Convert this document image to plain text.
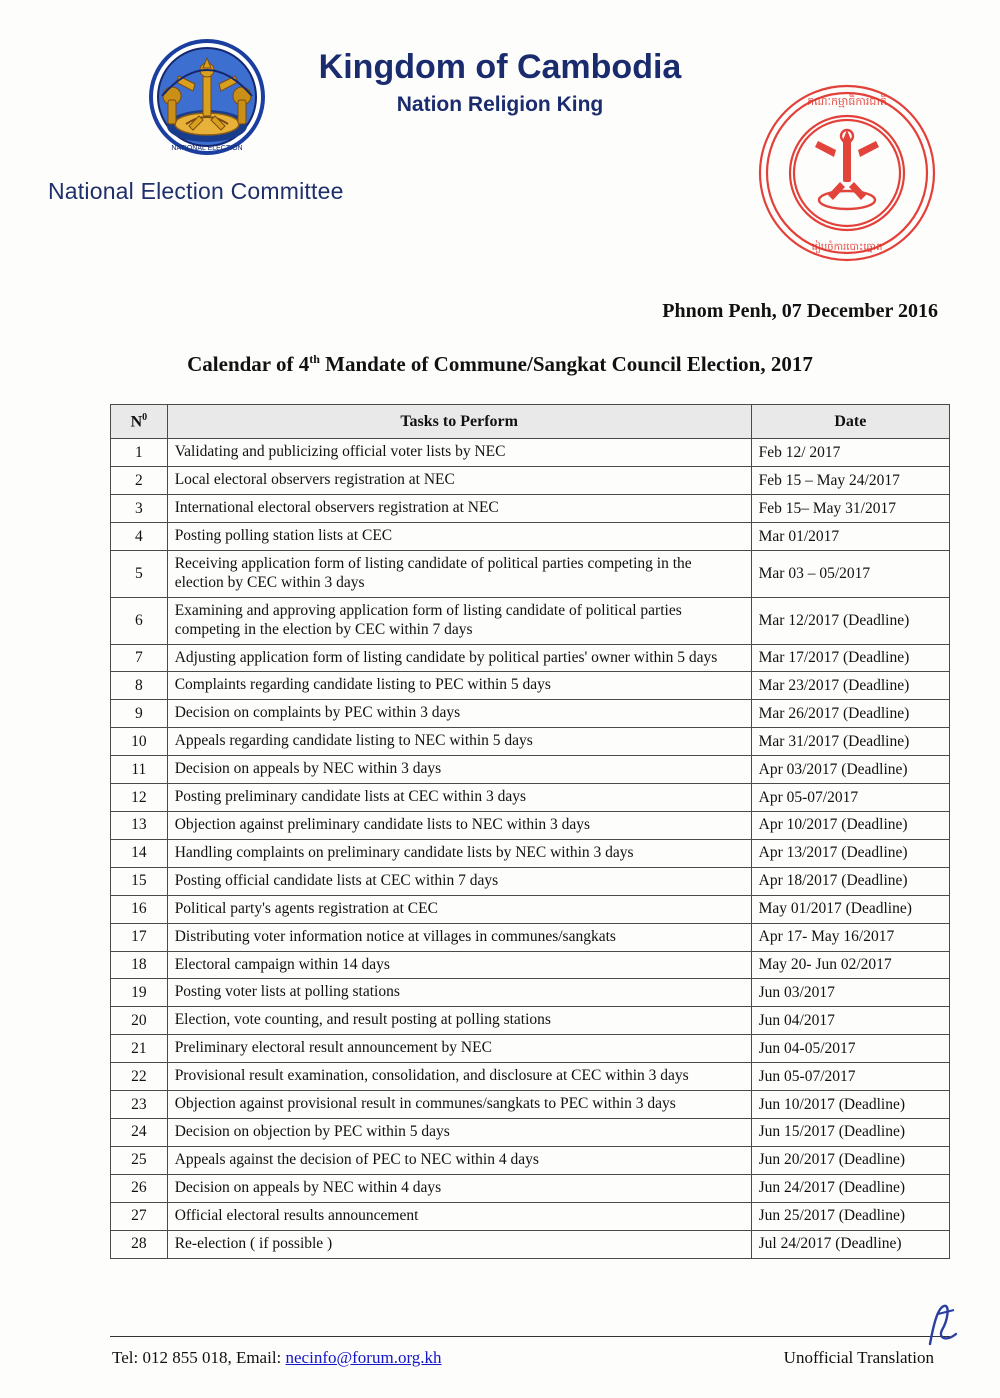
NATIONAL ELECTION
National Election Committee
Kingdom of Cambodia
Nation Religion King	គណៈកម្មាធិការជាតិ
រៀបចំការបោះឆ្នោត
Phnom Penh, 07 December 2016
Calendar of 4th Mandate of Commune/Sangkat Council Election, 2017
$N^0$	Tasks to Perform	Date
1	Validating and publicizing official voter lists by NEC	Feb 12/ 2017
2	Local electoral observers registration at NEC	Feb 15 – May 24/2017
3	International electoral observers registration at NEC	Feb 15– May 31/2017
4	Posting polling station lists at CEC	Mar 01/2017
5	Receiving application form of listing candidate of political parties competing in the election by CEC within 3 days	Mar 03 – 05/2017
6	Examining and approving application form of listing candidate of political parties competing in the election by CEC within 7 days	Mar 12/2017 (Deadline)
7	Adjusting application form of listing candidate by political parties' owner within 5 days	Mar 17/2017 (Deadline)
8	Complaints regarding candidate listing to PEC within 5 days	Mar 23/2017 (Deadline)
9	Decision on complaints by PEC within 3 days	Mar 26/2017 (Deadline)
10	Appeals regarding candidate listing to NEC within 5 days	Mar 31/2017 (Deadline)
11	Decision on appeals by NEC within 3 days	Apr 03/2017 (Deadline)
12	Posting preliminary candidate lists at CEC within 3 days	Apr 05-07/2017
13	Objection against preliminary candidate lists to NEC within 3 days	Apr 10/2017 (Deadline)
14	Handling complaints on preliminary candidate lists by NEC within 3 days	Apr 13/2017 (Deadline)
15	Posting official candidate lists at CEC within 7 days	Apr 18/2017 (Deadline)
16	Political party's agents registration at CEC	May 01/2017 (Deadline)
17	Distributing voter information notice at villages in communes/sangkats	Apr 17- May 16/2017
18	Electoral campaign within 14 days	May 20- Jun 02/2017
19	Posting voter lists at polling stations	Jun 03/2017
20	Election, vote counting, and result posting at polling stations	Jun 04/2017
21	Preliminary electoral result announcement by NEC	Jun 04-05/2017
22	Provisional result examination, consolidation, and disclosure at CEC within 3 days	Jun 05-07/2017
23	Objection against provisional result in communes/sangkats to PEC within 3 days	Jun 10/2017 (Deadline)
24	Decision on objection by PEC within 5 days	Jun 15/2017 (Deadline)
25	Appeals against the decision of PEC to NEC within 4 days	Jun 20/2017 (Deadline)
26	Decision on appeals by NEC within 4 days	Jun 24/2017 (Deadline)
27	Official electoral results announcement	Jun 25/2017 (Deadline)
28	Re-election ( if possible )	Jul 24/2017 (Deadline)
Tel: 012 855 018, Email: necinfo@forum.org.kh	Unofficial Translation
